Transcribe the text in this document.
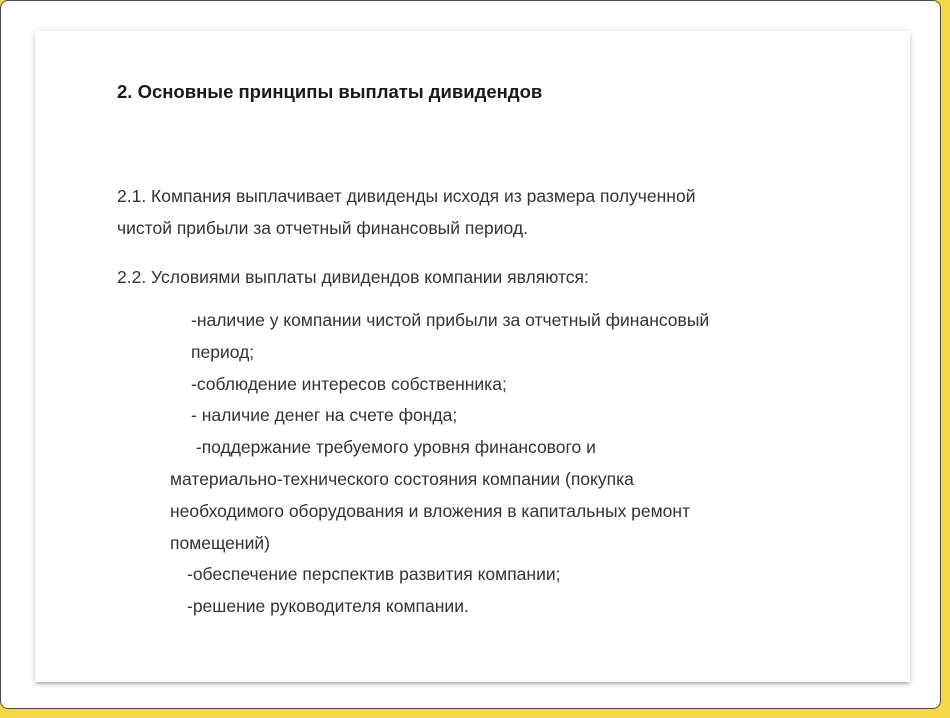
2. Основные принципы выплаты дивидендов

2.1. Компания выплачивает дивиденды исходя из размера полученной
чистой прибыли за отчетный финансовый период.

2.2. Условиями выплаты дивидендов компании являются:

-наличие у компании чистой прибыли за отчетный финансовый
период;
-соблюдение интересов собственника;
- наличие денег на счете фонда;
-поддержание требуемого уровня финансового и
материально-технического состояния компании (покупка
необходимого оборудования и вложения в капитальных ремонт
помещений)
-обеспечение перспектив развития компании;
-решение руководителя компании.
